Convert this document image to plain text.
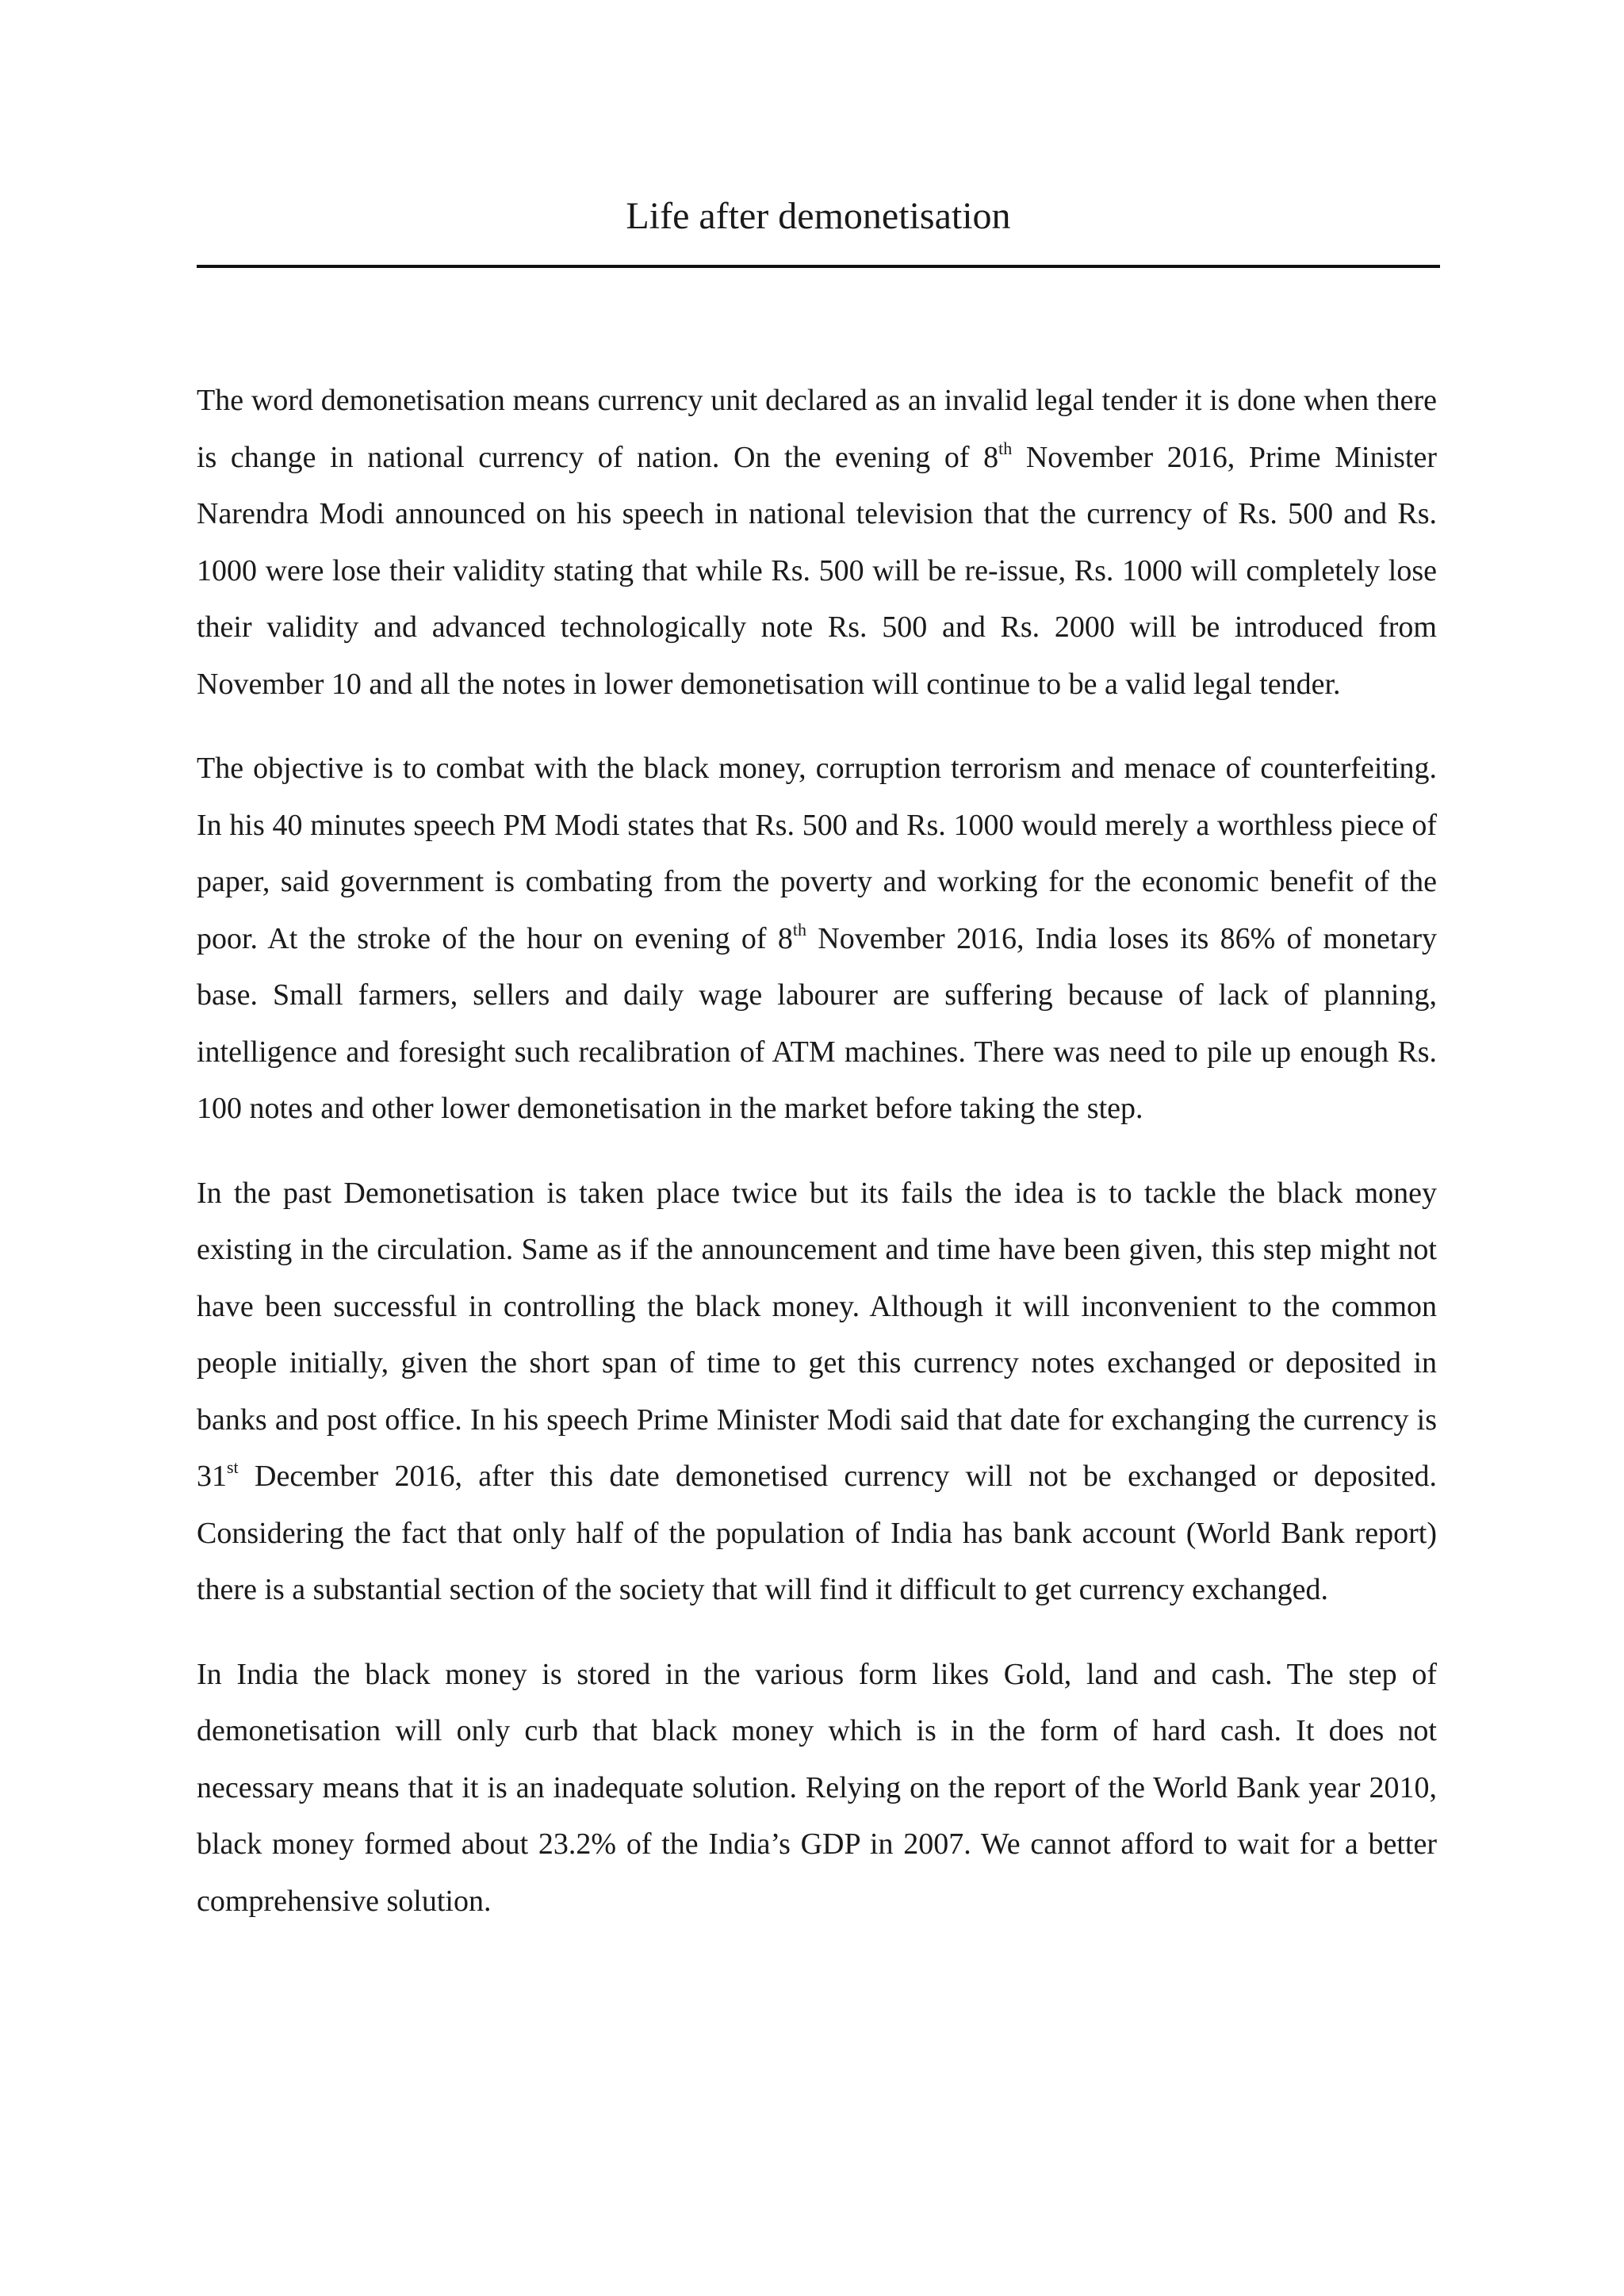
Life after demonetisation

The word demonetisation means currency unit declared as an invalid legal tender it is done when there is change in national currency of nation. On the evening of 8th November 2016, Prime Minister Narendra Modi announced on his speech in national television that the currency of Rs. 500 and Rs. 1000 were lose their validity stating that while Rs. 500 will be re-issue, Rs. 1000 will completely lose their validity and advanced technologically note Rs. 500 and Rs. 2000 will be introduced from November 10 and all the notes in lower demonetisation will continue to be a valid legal tender.

The objective is to combat with the black money, corruption terrorism and menace of counterfeiting. In his 40 minutes speech PM Modi states that Rs. 500 and Rs. 1000 would merely a worthless piece of paper, said government is combating from the poverty and working for the economic benefit of the poor. At the stroke of the hour on evening of 8th November 2016, India loses its 86% of monetary base. Small farmers, sellers and daily wage labourer are suffering because of lack of planning, intelligence and foresight such recalibration of ATM machines. There was need to pile up enough Rs. 100 notes and other lower demonetisation in the market before taking the step.

In the past Demonetisation is taken place twice but its fails the idea is to tackle the black money existing in the circulation. Same as if the announcement and time have been given, this step might not have been successful in controlling the black money. Although it will inconvenient to the common people initially, given the short span of time to get this currency notes exchanged or deposited in banks and post office. In his speech Prime Minister Modi said that date for exchanging the currency is 31st December 2016, after this date demonetised currency will not be exchanged or deposited. Considering the fact that only half of the population of India has bank account (World Bank report) there is a substantial section of the society that will find it difficult to get currency exchanged.

In India the black money is stored in the various form likes Gold, land and cash. The step of demonetisation will only curb that black money which is in the form of hard cash. It does not necessary means that it is an inadequate solution. Relying on the report of the World Bank year 2010, black money formed about 23.2% of the India’s GDP in 2007. We cannot afford to wait for a better comprehensive solution.
